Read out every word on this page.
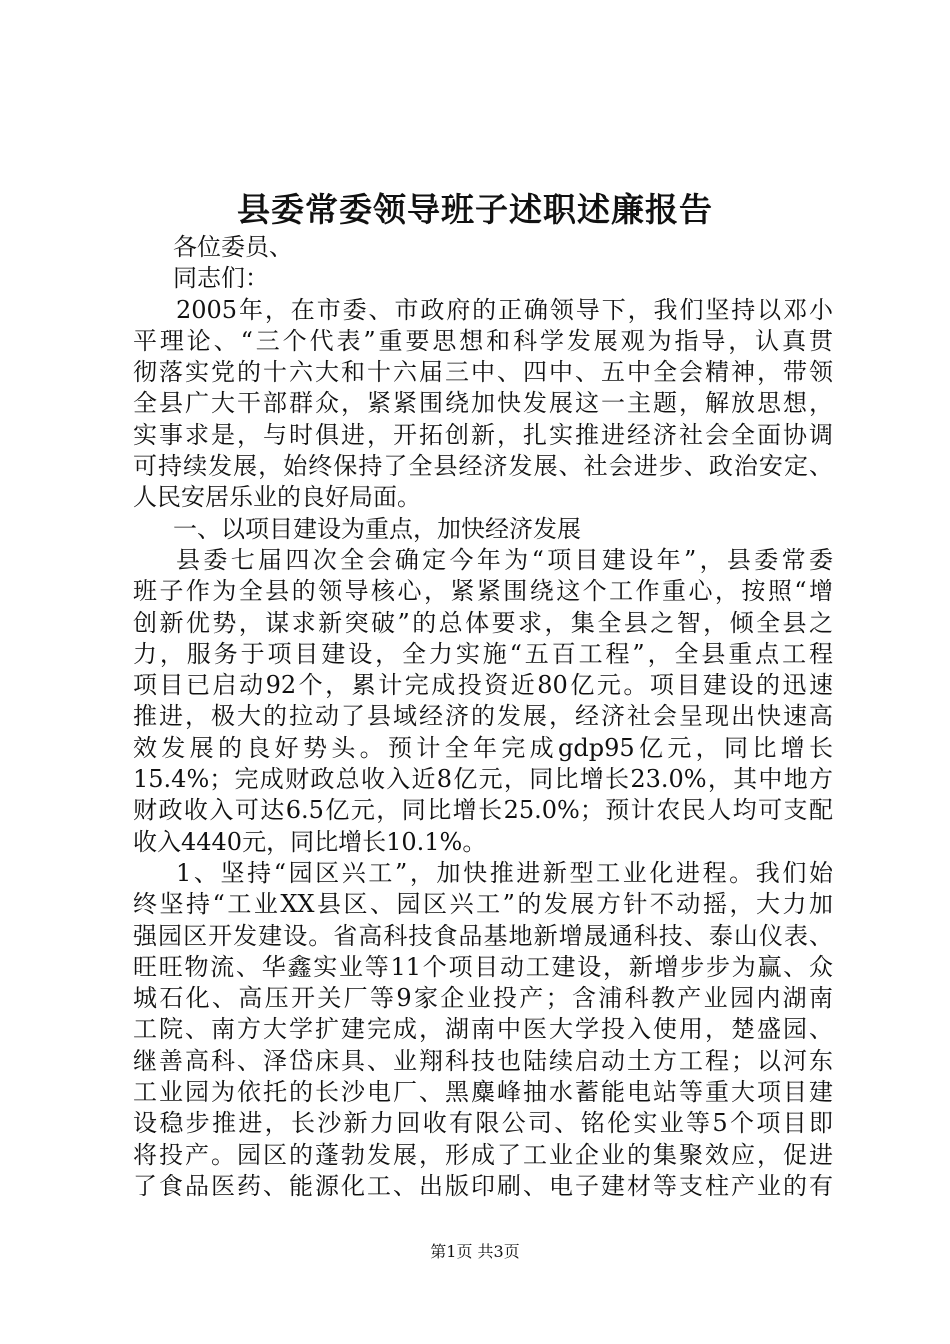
县委常委领导班子述职述廉报告
各位委员、
同志们：
2005年，在市委、市政府的正确领导下，我们坚持以邓小
平理论、“三个代表”重要思想和科学发展观为指导，认真贯
彻落实党的十六大和十六届三中、四中、五中全会精神，带领
全县广大干部群众，紧紧围绕加快发展这一主题，解放思想，
实事求是，与时俱进，开拓创新，扎实推进经济社会全面协调
可持续发展，始终保持了全县经济发展、社会进步、政治安定、
人民安居乐业的良好局面。
一、以项目建设为重点，加快经济发展
县委七届四次全会确定今年为“项目建设年”，县委常委
班子作为全县的领导核心，紧紧围绕这个工作重心，按照“增
创新优势，谋求新突破”的总体要求，集全县之智，倾全县之
力，服务于项目建设，全力实施“五百工程”，全县重点工程
项目已启动92个，累计完成投资近80亿元。项目建设的迅速
推进，极大的拉动了县域经济的发展，经济社会呈现出快速高
效发展的良好势头。预计全年完成gdp95亿元，同比增长
15.4%；完成财政总收入近8亿元，同比增长23.0%，其中地方
财政收入可达6.5亿元，同比增长25.0%；预计农民人均可支配
收入4440元，同比增长10.1%。
1、坚持“园区兴工”，加快推进新型工业化进程。我们始
终坚持“工业XX县区、园区兴工”的发展方针不动摇，大力加
强园区开发建设。省高科技食品基地新增晟通科技、泰山仪表、
旺旺物流、华鑫实业等11个项目动工建设，新增步步为赢、众
城石化、高压开关厂等9家企业投产；含浦科教产业园内湖南
工院、南方大学扩建完成，湖南中医大学投入使用，楚盛园、
继善高科、泽岱床具、业翔科技也陆续启动土方工程；以河东
工业园为依托的长沙电厂、黑麋峰抽水蓄能电站等重大项目建
设稳步推进，长沙新力回收有限公司、铭伦实业等5个项目即
将投产。园区的蓬勃发展，形成了工业企业的集聚效应，促进
了食品医药、能源化工、出版印刷、电子建材等支柱产业的有
第1页 共3页
